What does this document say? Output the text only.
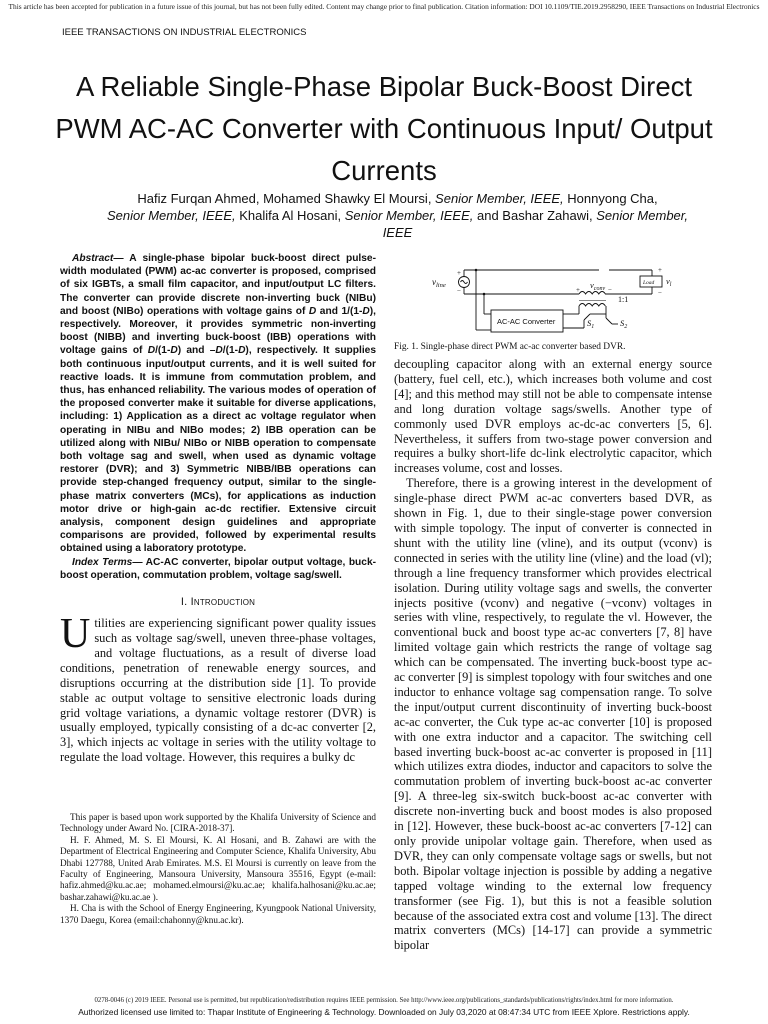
This article has been accepted for publication in a future issue of this journal, but has not been fully edited. Content may change prior to final publication. Citation information: DOI 10.1109/TIE.2019.2958290, IEEE Transactions on Industrial Electronics
IEEE TRANSACTIONS ON INDUSTRIAL ELECTRONICS
A Reliable Single-Phase Bipolar Buck-Boost Direct PWM AC-AC Converter with Continuous Input/ Output Currents
Hafiz Furqan Ahmed, Mohamed Shawky El Moursi, Senior Member, IEEE, Honnyong Cha,
Senior Member, IEEE, Khalifa Al Hosani, Senior Member, IEEE, and Bashar Zahawi, Senior Member, IEEE

Abstract— A single-phase bipolar buck-boost direct pulse-width modulated (PWM) ac-ac converter is proposed, comprised of six IGBTs, a small film capacitor, and input/output LC filters. The converter can provide discrete non-inverting buck (NIBu) and boost (NIBo) operations with voltage gains of D and 1/(1-D), respectively. Moreover, it provides symmetric non-inverting boost (NIBB) and inverting buck-boost (IBB) operations with voltage gains of D/(1-D) and –D/(1-D), respectively. It supplies both continuous input/output currents, and it is well suited for reactive loads. It is immune from commutation problem, and thus, has enhanced reliability. The various modes of operation of the proposed converter make it suitable for diverse applications, including: 1) Application as a direct ac voltage regulator when operating in NIBu and NIBo modes; 2) IBB operation can be utilized along with NIBu/ NIBo or NIBB operation to compensate both voltage sag and swell, when used as dynamic voltage restorer (DVR); and 3) Symmetric NIBB/IBB operations can provide step-changed frequency output, similar to the single-phase matrix converters (MCs), for applications as induction motor drive or high-gain ac-dc rectifier. Extensive circuit analysis, component design guidelines and appropriate comparisons are provided, followed by experimental results obtained using a laboratory prototype.

Index Terms— AC-AC converter, bipolar output voltage, buck-boost operation, commutation problem, voltage sag/swell.

I. Introduction

Utilities are experiencing significant power quality issues such as voltage sag/swell, uneven three-phase voltages, and voltage fluctuations, as a result of diverse load conditions, penetration of renewable energy sources, and disruptions occurring at the distribution side [1]. To provide stable ac output voltage to sensitive electronic loads during grid voltage variations, a dynamic voltage restorer (DVR) is usually employed, typically consisting of a dc-ac converter [2, 3], which injects ac voltage in series with the utility voltage to regulate the load voltage. However, this requires a bulky dc

This paper is based upon work supported by the Khalifa University of Science and Technology under Award No. [CIRA-2018-37].

H. F. Ahmed, M. S. El Moursi, K. Al Hosani, and B. Zahawi are with the Department of Electrical Engineering and Computer Science, Khalifa University, Abu Dhabi 127788, United Arab Emirates. M.S. El Moursi is currently on leave from the Faculty of Engineering, Mansoura University, Mansoura 35516, Egypt (e-mail: hafiz.ahmed@ku.ac.ae; mohamed.elmoursi@ku.ac.ae; khalifa.halhosani@ku.ac.ae; bashar.zahawi@ku.ac.ae ).

H. Cha is with the School of Energy Engineering, Kyungpook National University, 1370 Daegu, Korea (email:chahonny@knu.ac.kr).

$v_{line}$
+
−
$v_{conv}$
+	−
Load $v_l$
+
−
1:1
AC-AC Converter	$S_1$	$S_2$

Fig. 1. Single-phase direct PWM ac-ac converter based DVR.

decoupling capacitor along with an external energy source (battery, fuel cell, etc.), which increases both volume and cost [4]; and this method may still not be able to compensate intense and long duration voltage sags/swells. Another type of commonly used DVR employs ac-dc-ac converters [5, 6]. Nevertheless, it suffers from two-stage power conversion and requires a bulky short-life dc-link electrolytic capacitor, which increases volume, cost and losses.

Therefore, there is a growing interest in the development of single-phase direct PWM ac-ac converters based DVR, as shown in Fig. 1, due to their single-stage power conversion with simple topology. The input of converter is connected in shunt with the utility line (vline), and its output (vconv) is connected in series with the utility line (vline) and the load (vl); through a line frequency transformer which provides electrical isolation. During utility voltage sags and swells, the converter injects positive (vconv) and negative (−vconv) voltages in series with vline, respectively, to regulate the vl. However, the conventional buck and boost type ac-ac converters [7, 8] have limited voltage gain which restricts the range of voltage sag which can be compensated. The inverting buck-boost type ac-ac converter [9] is simplest topology with four switches and one inductor to enhance voltage sag compensation range. To solve the input/output current discontinuity of inverting buck-boost ac-ac converter, the Cuk type ac-ac converter [10] is proposed with one extra inductor and a capacitor. The switching cell based inverting buck-boost ac-ac converter is proposed in [11] which utilizes extra diodes, inductor and capacitors to solve the commutation problem of inverting buck-boost ac-ac converter [9]. A three-leg six-switch buck-boost ac-ac converter with discrete non-inverting buck and boost modes is also proposed in [12]. However, these buck-boost ac-ac converters [7-12] can only provide unipolar voltage gain. Therefore, when used as DVR, they can only compensate voltage sags or swells, but not both. Bipolar voltage injection is possible by adding a negative tapped voltage winding to the external low frequency transformer (see Fig. 1), but this is not a feasible solution because of the associated extra cost and volume [13]. The direct matrix converters (MCs) [14-17] can provide a symmetric bipolar

0278-0046 (c) 2019 IEEE. Personal use is permitted, but republication/redistribution requires IEEE permission. See http://www.ieee.org/publications_standards/publications/rights/index.html for more information.
Authorized licensed use limited to: Thapar Institute of Engineering & Technology. Downloaded on July 03,2020 at 08:47:34 UTC from IEEE Xplore. Restrictions apply.
